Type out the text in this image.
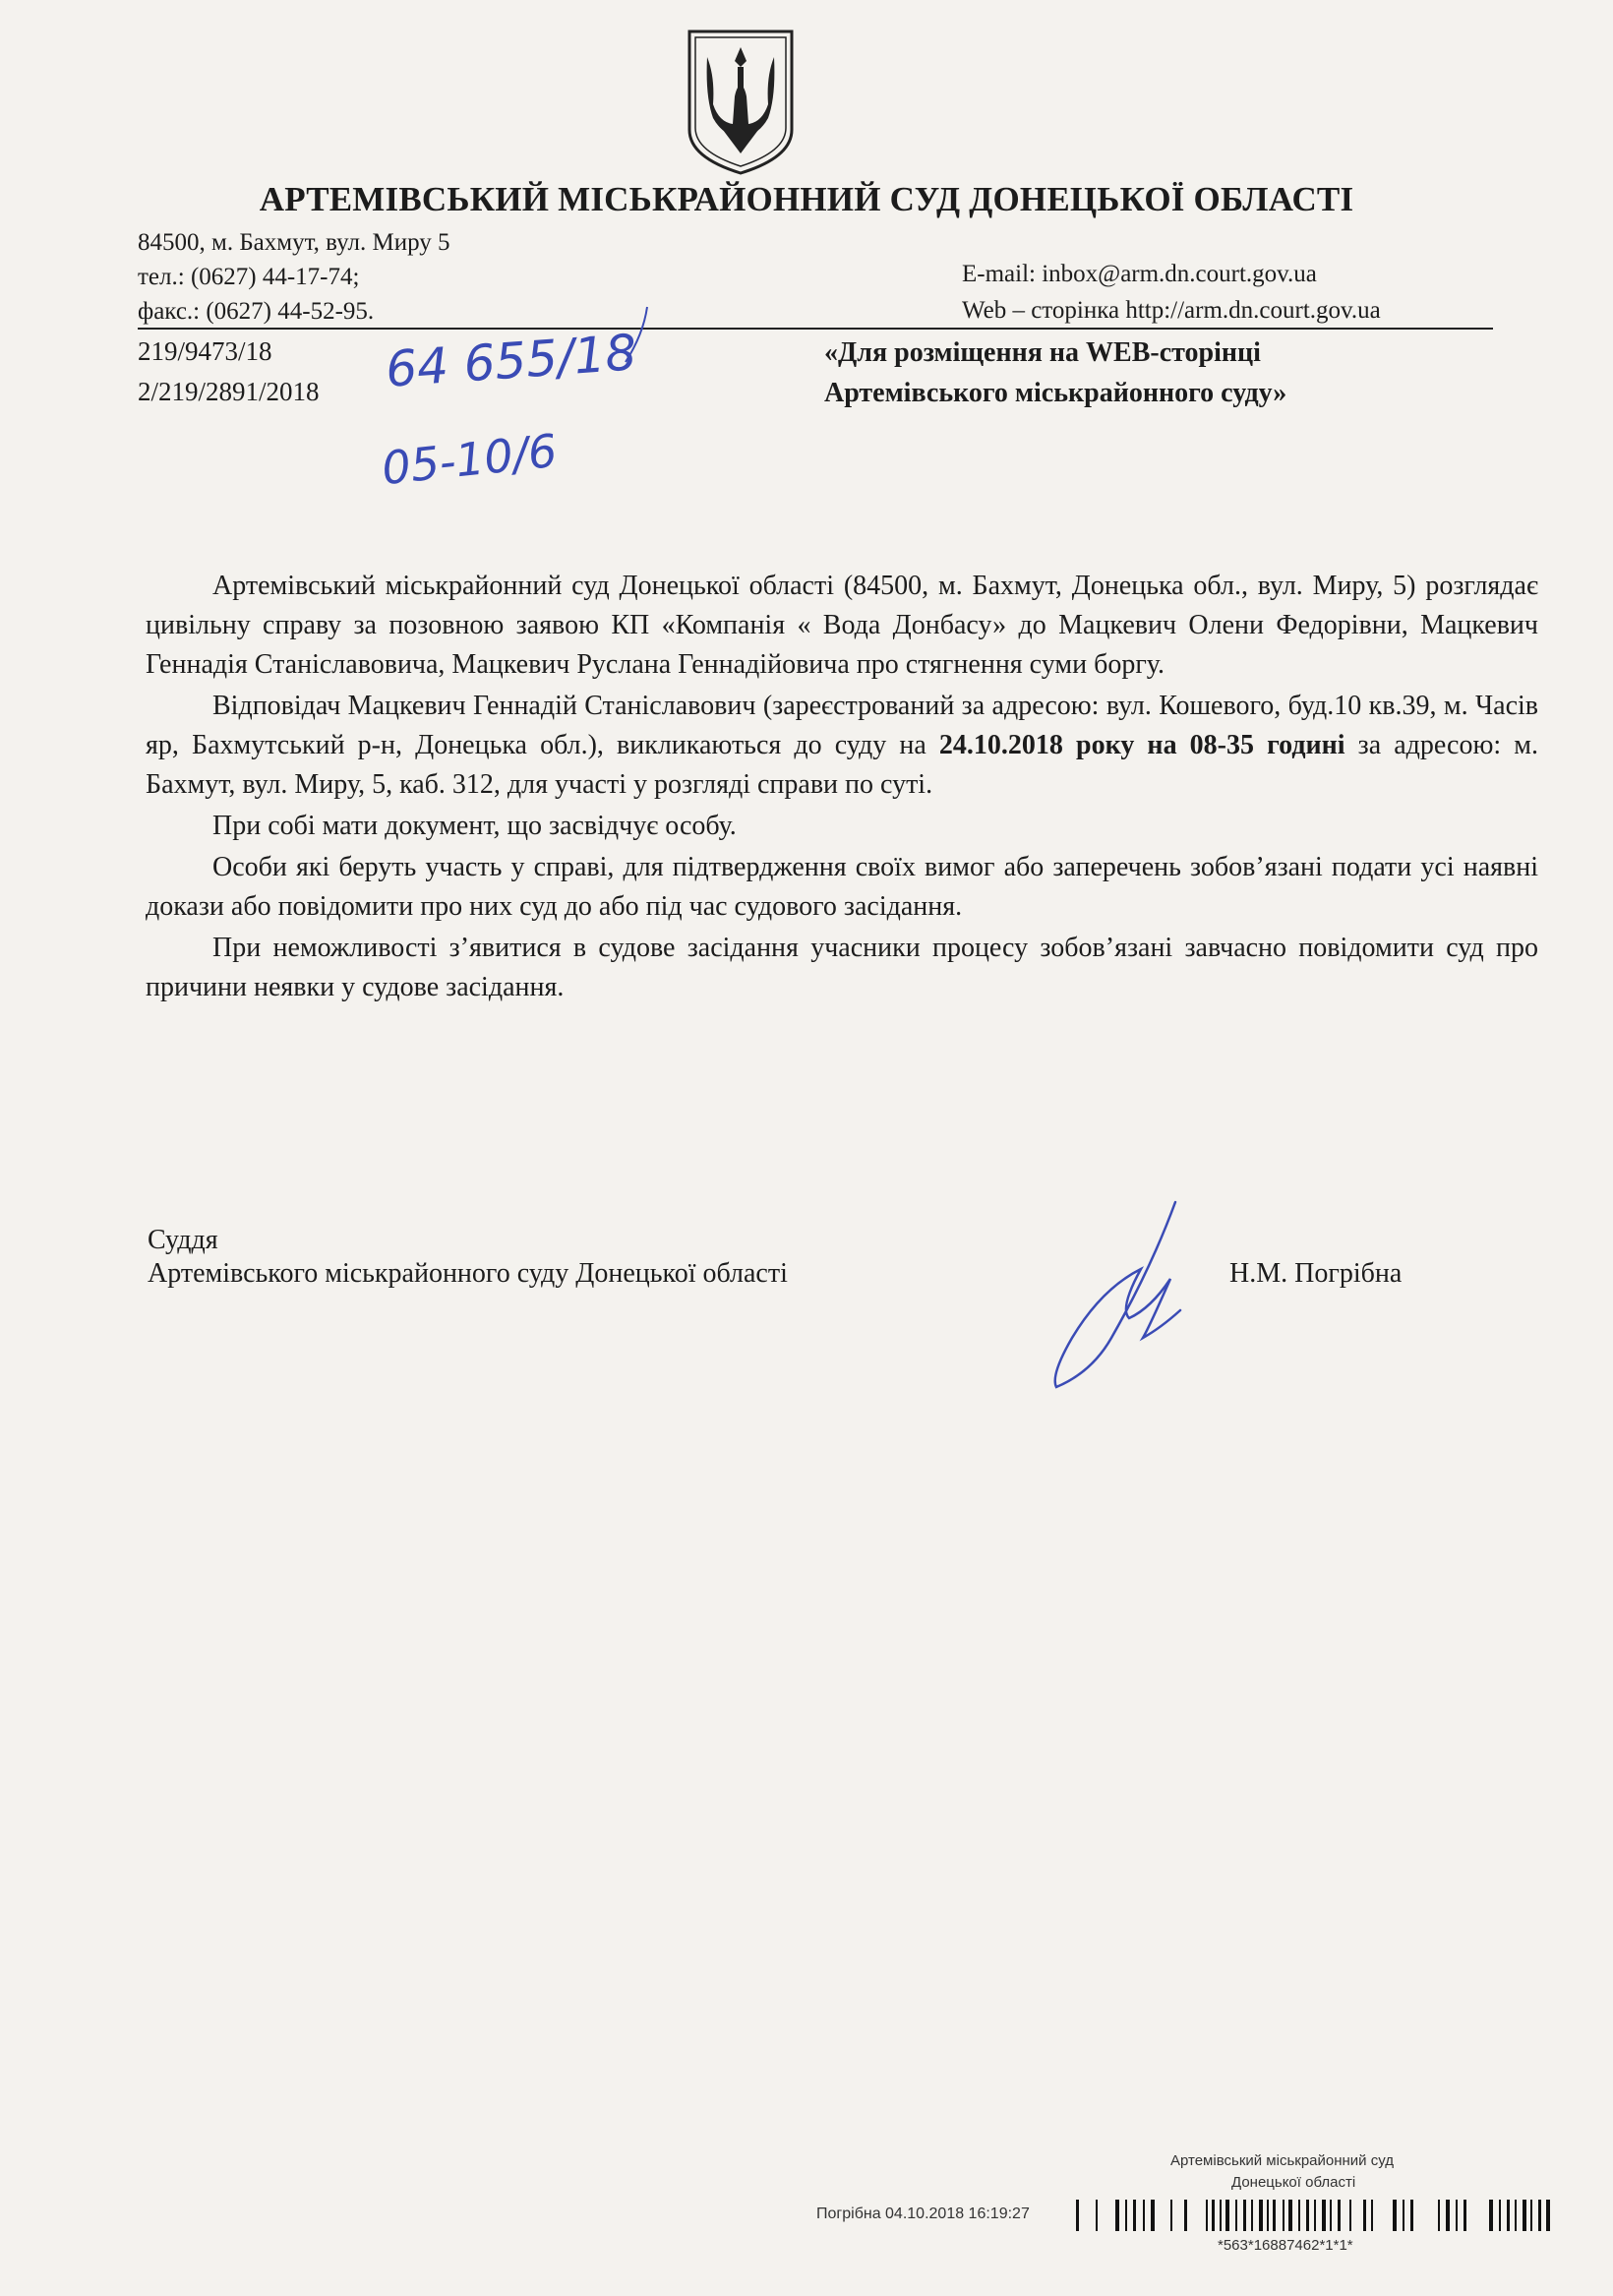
АРТЕМІВСЬКИЙ МІСЬКРАЙОННИЙ СУД ДОНЕЦЬКОЇ ОБЛАСТІ
84500, м. Бахмут, вул. Миру 5
тел.: (0627) 44-17-74;
факс.: (0627) 44-52-95.
E-mail: inbox@arm.dn.court.gov.ua
Web – сторінка http://arm.dn.court.gov.ua
219/9473/18
2/219/2891/2018 64 655/18
05-10/6
«Для розміщення на WEB-сторінці
Артемівського міськрайонного суду»

Артемівський міськрайонний суд Донецької області (84500, м. Бахмут, Донецька обл., вул. Миру, 5) розглядає цивільну справу за позовною заявою КП «Компанія « Вода Донбасу» до Мацкевич Олени Федорівни, Мацкевич Геннадія Станіславовича, Мацкевич Руслана Геннадійовича про стягнення суми боргу.

Відповідач Мацкевич Геннадій Станіславович (зареєстрований за адресою: вул. Кошевого, буд.10 кв.39, м. Часів яр, Бахмутський р-н, Донецька обл.), викликаються до суду на 24.10.2018 року на 08-35 годині за адресою: м. Бахмут, вул. Миру, 5, каб. 312, для участі у розгляді справи по суті.

При собі мати документ, що засвідчує особу.

Особи які беруть участь у справі, для підтвердження своїх вимог або заперечень зобов’язані подати усі наявні докази або повідомити про них суд до або під час судового засідання.

При неможливості з’явитися в судове засідання учасники процесу зобов’язані завчасно повідомити суд про причини неявки у судове засідання.

Суддя
Артемівського міськрайонного суду Донецької області	Н.М. Погрібна
Артемівський міськрайонний суд
Донецької області
Погрібна 04.10.2018 16:19:27
*563*16887462*1*1*
